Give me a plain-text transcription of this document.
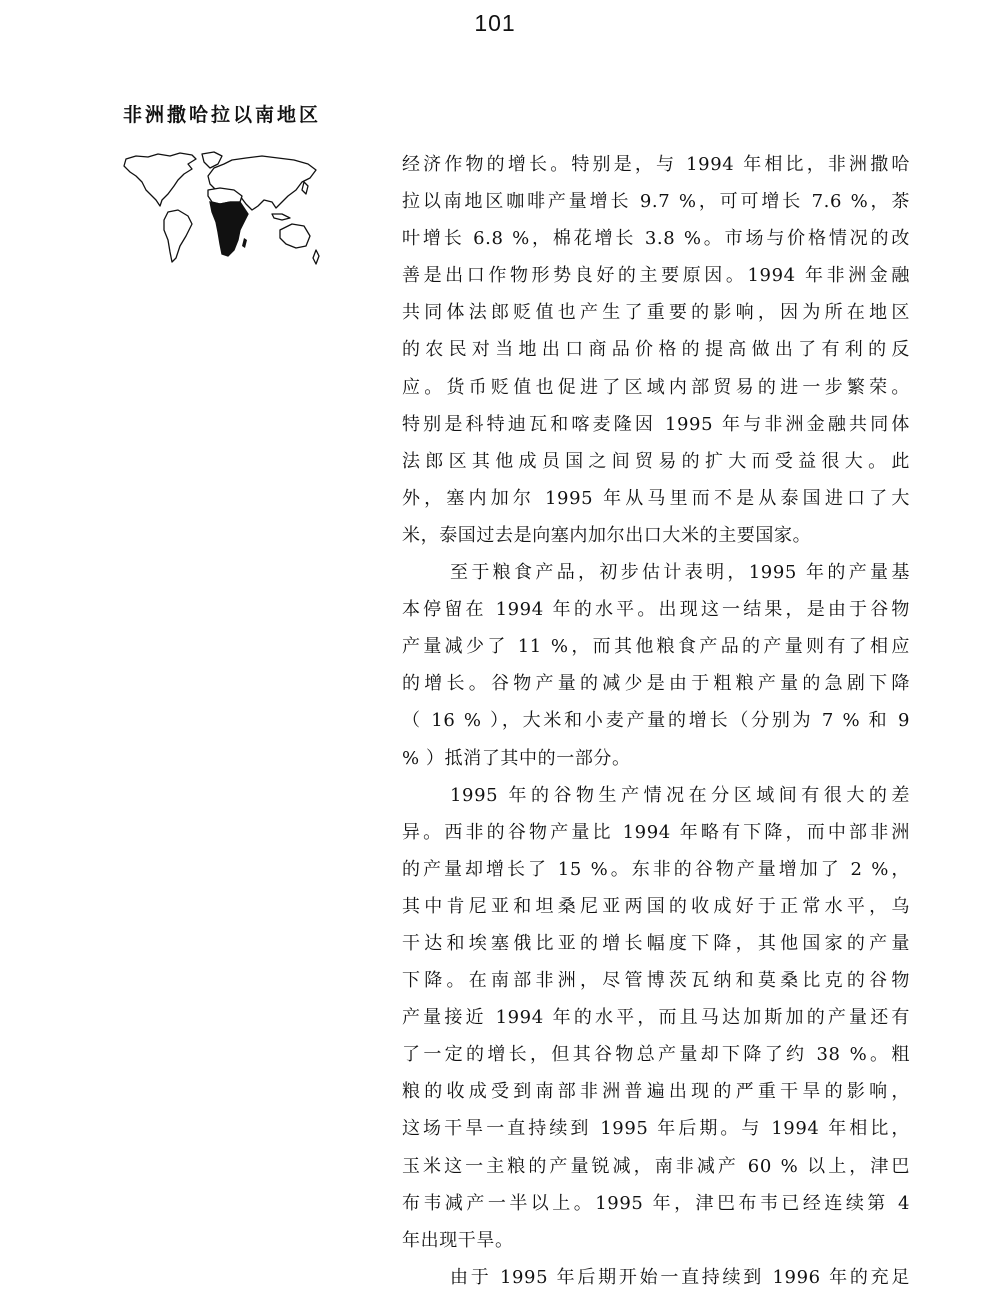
101
非洲撒哈拉以南地区
经济作物的增长。特别是，与 1994 年相比，非洲撒哈
拉以南地区咖啡产量增长 9.7 %，可可增长 7.6 %，茶
叶增长 6.8 %，棉花增长 3.8 %。市场与价格情况的改
善是出口作物形势良好的主要原因。1994 年非洲金融
共同体法郎贬值也产生了重要的影响，因为所在地区
的农民对当地出口商品价格的提高做出了有利的反
应。货币贬值也促进了区域内部贸易的进一步繁荣。
特别是科特迪瓦和喀麦隆因 1995 年与非洲金融共同体
法郎区其他成员国之间贸易的扩大而受益很大。此
外，塞内加尔 1995 年从马里而不是从泰国进口了大
米，泰国过去是向塞内加尔出口大米的主要国家。
至于粮食产品，初步估计表明，1995 年的产量基
本停留在 1994 年的水平。出现这一结果，是由于谷物
产量减少了 11 %，而其他粮食产品的产量则有了相应
的增长。谷物产量的减少是由于粗粮产量的急剧下降
（ 16 % ），大米和小麦产量的增长（分别为 7 % 和 9
% ）抵消了其中的一部分。
1995 年的谷物生产情况在分区域间有很大的差
异。西非的谷物产量比 1994 年略有下降，而中部非洲
的产量却增长了 15 %。东非的谷物产量增加了 2 %，
其中肯尼亚和坦桑尼亚两国的收成好于正常水平，乌
干达和埃塞俄比亚的增长幅度下降，其他国家的产量
下降。在南部非洲，尽管博茨瓦纳和莫桑比克的谷物
产量接近 1994 年的水平，而且马达加斯加的产量还有
了一定的增长，但其谷物总产量却下降了约 38 %。粗
粮的收成受到南部非洲普遍出现的严重干旱的影响，
这场干旱一直持续到 1995 年后期。与 1994 年相比，
玉米这一主粮的产量锐减，南非减产 60 % 以上，津巴
布韦减产一半以上。1995 年，津巴布韦已经连续第 4
年出现干旱。
由于 1995 年后期开始一直持续到 1996 年的充足
